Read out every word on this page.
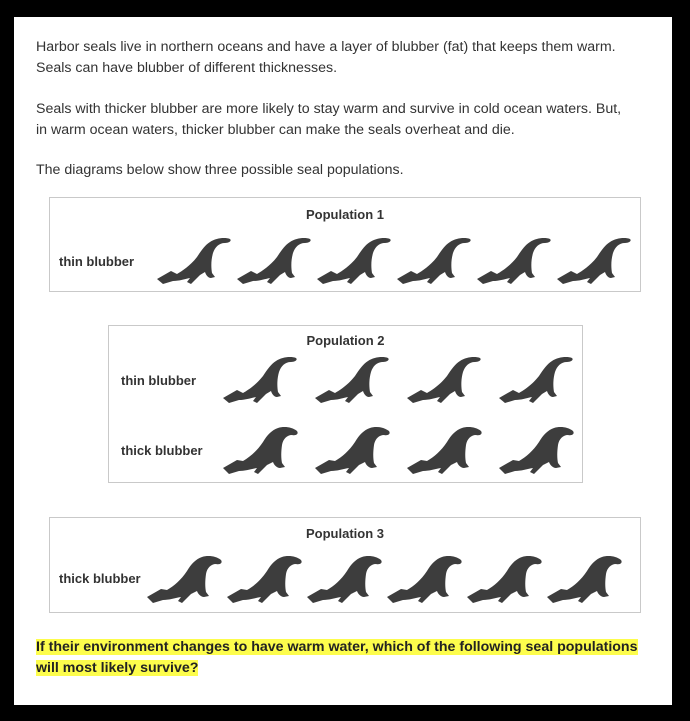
Harbor seals live in northern oceans and have a layer of blubber (fat) that keeps them warm.
Seals can have blubber of different thicknesses.

Seals with thicker blubber are more likely to stay warm and survive in cold ocean waters. But,
in warm ocean waters, thicker blubber can make the seals overheat and die.

The diagrams below show three possible seal populations.

Population 1
thin blubber
Population 2
thin blubber
thick blubber
Population 3
thick blubber

If their environment changes to have warm water, which of the following seal populations
will most likely survive?
